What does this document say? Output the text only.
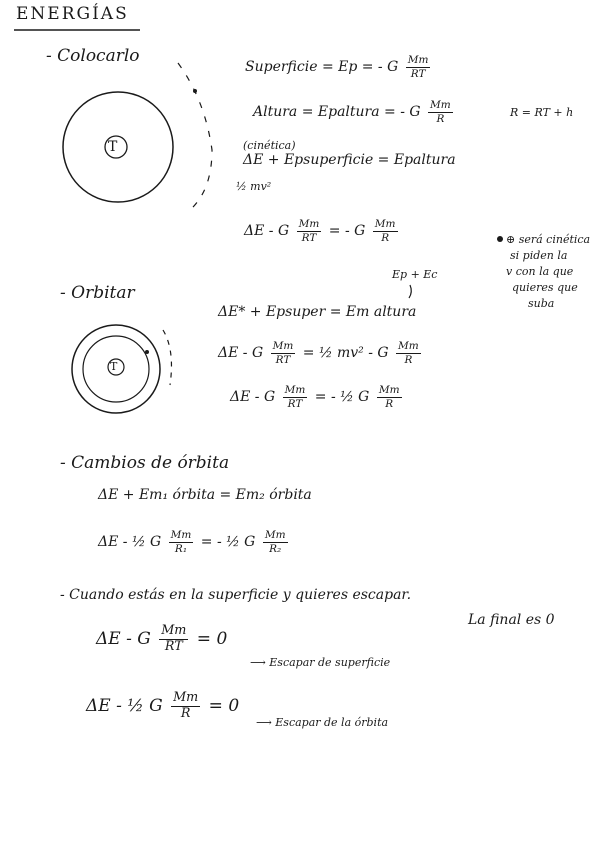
ENERGÍAS
- Colocarlo
T
Superficie = Ep = - G $\frac{Mm}{RT}$
Altura = Epaltura = - G $\frac{Mm}{R}$	R = RT + h
(cinética)
ΔE + Epsuperficie = Epaltura
½ mv²
ΔE - G $\frac{Mm}{RT}$ = - G $\frac{Mm}{R}$	⊕ será cinética
si piden la
v con la que
quieres que
suba
- Orbitar
T
Ep + Ec
ΔE* + Epsuper = Em altura
ΔE - G $\frac{Mm}{RT}$ = ½ mv² - G $\frac{Mm}{R}$
ΔE - G $\frac{Mm}{RT}$ = - ½ G $\frac{Mm}{R}$
- Cambios de órbita
ΔE + Em₁ órbita = Em₂ órbita
ΔE - ½ G $\frac{Mm}{\text{R₁}}$ = - ½ G $\frac{Mm}{\text{R₂}}$
- Cuando estás en la superficie y quieres escapar.
La final es 0
ΔE - G $\frac{Mm}{RT} = 0$
⟶ Escapar de superficie
ΔE - ½ G $\frac{Mm}{R} = 0$
⟶ Escapar de la órbita
